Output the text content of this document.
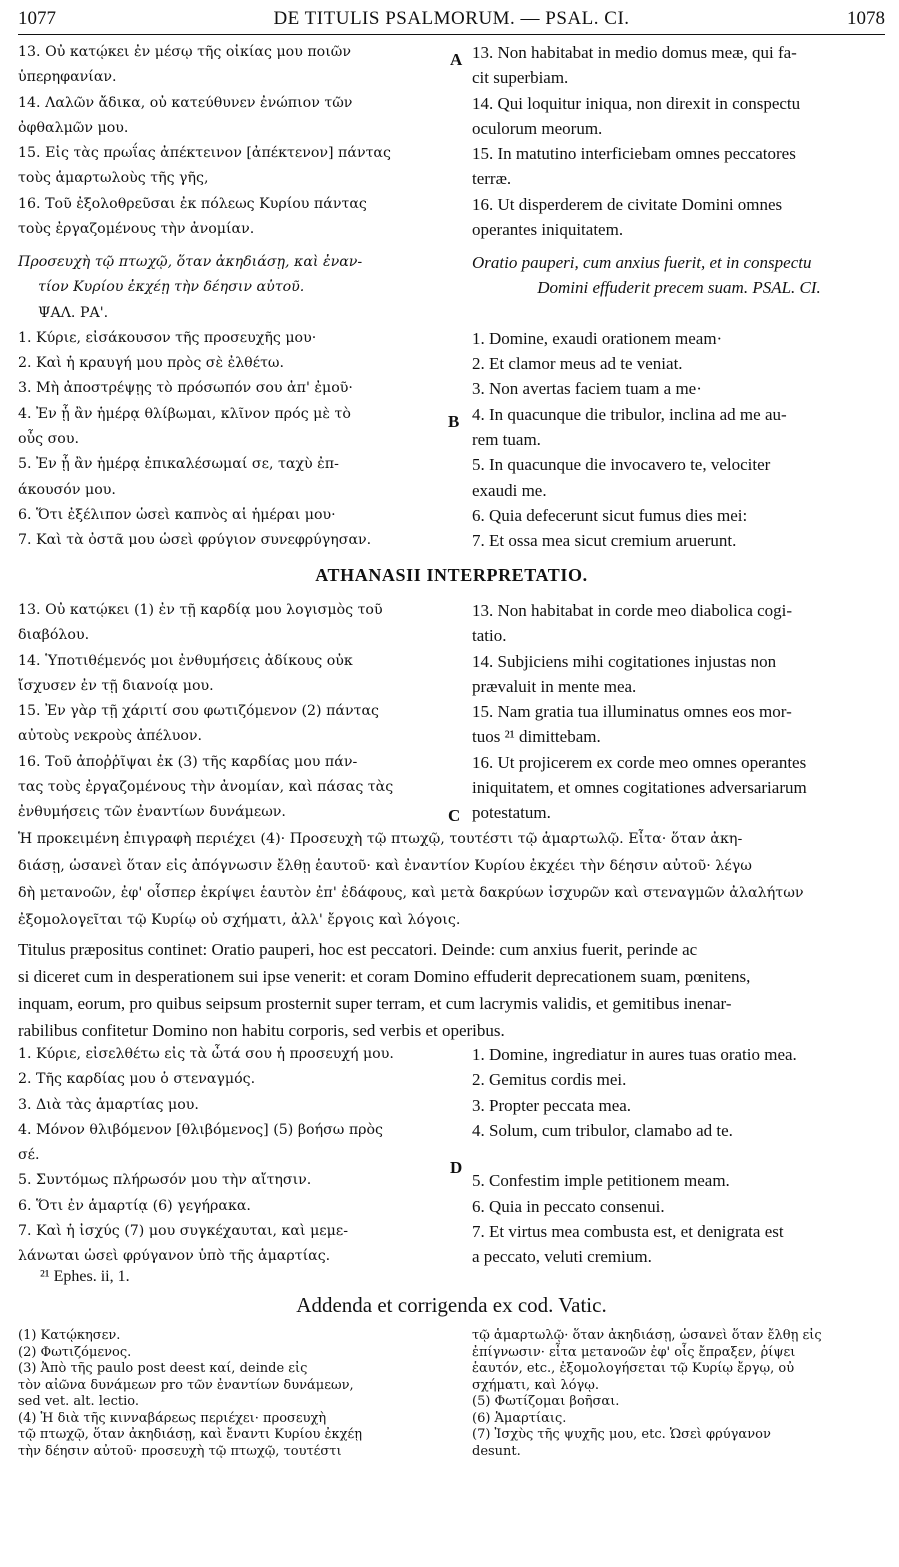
1077	DE TITULIS PSALMORUM. — PSAL. CI.	1078

13. Οὐ κατῴκει ἐν μέσῳ τῆς οἰκίας μου ποιῶν

ὑπερηφανίαν.

14. Λαλῶν ἄδικα, οὐ κατεύθυνεν ἐνώπιον τῶν

ὀφθαλμῶν μου.

15. Εἰς τὰς πρωΐας ἀπέκτεινον [ἀπέκτενον] πάντας

τοὺς ἁμαρτωλοὺς τῆς γῆς,

16. Τοῦ ἐξολοθρεῦσαι ἐκ πόλεως Κυρίου πάντας

τοὺς ἐργαζομένους τὴν ἀνομίαν.

13. Non habitabat in medio domus meæ, qui fa-

cit superbiam.

14. Qui loquitur iniqua, non direxit in conspectu

oculorum meorum.

15. In matutino interficiebam omnes peccatores

terræ.

16. Ut disperderem de civitate Domini omnes

operantes iniquitatem.

A

Προσευχὴ τῷ πτωχῷ, ὅταν ἀκηδιάσῃ, καὶ ἐναν-

τίον Κυρίου ἐκχέῃ τὴν δέησιν αὐτοῦ.

ΨΑΛ. ΡΑ'.

1. Κύριε, εἰσάκουσον τῆς προσευχῆς μου·

2. Καὶ ἡ κραυγή μου πρὸς σὲ ἐλθέτω.

3. Μὴ ἀποστρέψῃς τὸ πρόσωπόν σου ἀπ' ἐμοῦ·

4. Ἐν ᾗ ἂν ἡμέρᾳ θλίβωμαι, κλῖνον πρός μὲ τὸ

οὖς σου.

5. Ἐν ᾗ ἂν ἡμέρᾳ ἐπικαλέσωμαί σε, ταχὺ ἐπ-

άκουσόν μου.

6. Ὅτι ἐξέλιπον ὡσεὶ καπνὸς αἱ ἡμέραι μου·

7. Καὶ τὰ ὀστᾶ μου ὡσεὶ φρύγιον συνεφρύγησαν.

Oratio pauperi, cum anxius fuerit, et in conspectu

Domini effuderit precem suam. PSAL. CI.

1. Domine, exaudi orationem meam·

2. Et clamor meus ad te veniat.

3. Non avertas faciem tuam a me·

4. In quacunque die tribulor, inclina ad me au-

rem tuam.

5. In quacunque die invocavero te, velociter

exaudi me.

6. Quia defecerunt sicut fumus dies mei:

7. Et ossa mea sicut cremium aruerunt.

B
ATHANASII INTERPRETATIO.

13. Οὐ κατῴκει (1) ἐν τῇ καρδίᾳ μου λογισμὸς τοῦ

διαβόλου.

14. Ὑποτιθέμενός μοι ἐνθυμήσεις ἀδίκους οὐκ

ἴσχυσεν ἐν τῇ διανοίᾳ μου.

15. Ἐν γὰρ τῇ χάριτί σου φωτιζόμενον (2) πάντας

αὐτοὺς νεκροὺς ἀπέλυον.

16. Τοῦ ἀποῤῥῖψαι ἐκ (3) τῆς καρδίας μου πάν-

τας τοὺς ἐργαζομένους τὴν ἀνομίαν, καὶ πάσας τὰς

ἐνθυμήσεις τῶν ἐναντίων δυνάμεων.

13. Non habitabat in corde meo diabolica cogi-

tatio.

14. Subjiciens mihi cogitationes injustas non

prævaluit in mente mea.

15. Nam gratia tua illuminatus omnes eos mor-

tuos ²¹ dimittebam.

16. Ut projicerem ex corde meo omnes operantes

iniquitatem, et omnes cogitationes adversariarum

potestatum.

C
Ἡ προκειμένη ἐπιγραφὴ περιέχει (4)· Προσευχὴ τῷ πτωχῷ, τουτέστι τῷ ἁμαρτωλῷ. Εἶτα· ὅταν ἀκη-
διάσῃ, ὡσανεὶ ὅταν εἰς ἀπόγνωσιν ἔλθῃ ἑαυτοῦ· καὶ ἐναντίον Κυρίου ἐκχέει τὴν δέησιν αὐτοῦ· λέγω
δὴ μετανοῶν, ἐφ' οἷσπερ ἐκρίψει ἑαυτὸν ἐπ' ἐδάφους, καὶ μετὰ δακρύων ἰσχυρῶν καὶ στεναγμῶν ἀλαλήτων
ἐξομολογεῖται τῷ Κυρίῳ οὐ σχήματι, ἀλλ' ἔργοις καὶ λόγοις.
Titulus præpositus continet: Oratio pauperi, hoc est peccatori. Deinde: cum anxius fuerit, perinde ac
si diceret cum in desperationem sui ipse venerit: et coram Domino effuderit deprecationem suam, pœnitens,
inquam, eorum, pro quibus seipsum prosternit super terram, et cum lacrymis validis, et gemitibus inenar-
rabilibus confitetur Domino non habitu corporis, sed verbis et operibus.

1. Κύριε, εἰσελθέτω εἰς τὰ ὦτά σου ἡ προσευχή μου.

2. Τῆς καρδίας μου ὁ στεναγμός.

3. Διὰ τὰς ἁμαρτίας μου.

4. Μόνον θλιβόμενον [θλιβόμενος] (5) βοήσω πρὸς

σέ.

5. Συντόμως πλήρωσόν μου τὴν αἴτησιν.

6. Ὅτι ἐν ἁμαρτίᾳ (6) γεγήρακα.

7. Καὶ ἡ ἰσχύς (7) μου συγκέχαυται, καὶ μεμε-

λάνωται ὡσεὶ φρύγανον ὑπὸ τῆς ἁμαρτίας.

1. Domine, ingrediatur in aures tuas oratio mea.

2. Gemitus cordis mei.

3. Propter peccata mea.

4. Solum, cum tribulor, clamabo ad te.

5. Confestim imple petitionem meam.

6. Quia in peccato consenui.

7. Et virtus mea combusta est, et denigrata est

a peccato, veluti cremium.

D
²¹ Ephes. ii, 1.
Addenda et corrigenda ex cod. Vatic.

(1) Κατῴκησεν.

(2) Φωτιζόμενος.

(3) Ἀπὸ τῆς paulo post deest καί, deinde εἰς

τὸν αἰῶνα δυνάμεων pro τῶν ἐναντίων δυνάμεων,

sed vet. alt. lectio.

(4) Ἡ διὰ τῆς κινναβάρεως περιέχει· προσευχὴ

τῷ πτωχῷ, ὅταν ἀκηδιάσῃ, καὶ ἔναντι Κυρίου ἐκχέῃ

τὴν δέησιν αὐτοῦ· προσευχὴ τῷ πτωχῷ, τουτέστι

τῷ ἁμαρτωλῷ· ὅταν ἀκηδιάσῃ, ὡσανεὶ ὅταν ἔλθῃ εἰς

ἐπίγνωσιν· εἶτα μετανοῶν ἐφ' οἷς ἔπραξεν, ῥίψει

ἑαυτόν, etc., ἐξομολογήσεται τῷ Κυρίῳ ἔργῳ, οὐ

σχήματι, καὶ λόγῳ.

(5) Φωτίζομαι βοῆσαι.

(6) Ἁμαρτίαις.

(7) Ἰσχὺς τῆς ψυχῆς μου, etc. Ὡσεὶ φρύγανον

desunt.
